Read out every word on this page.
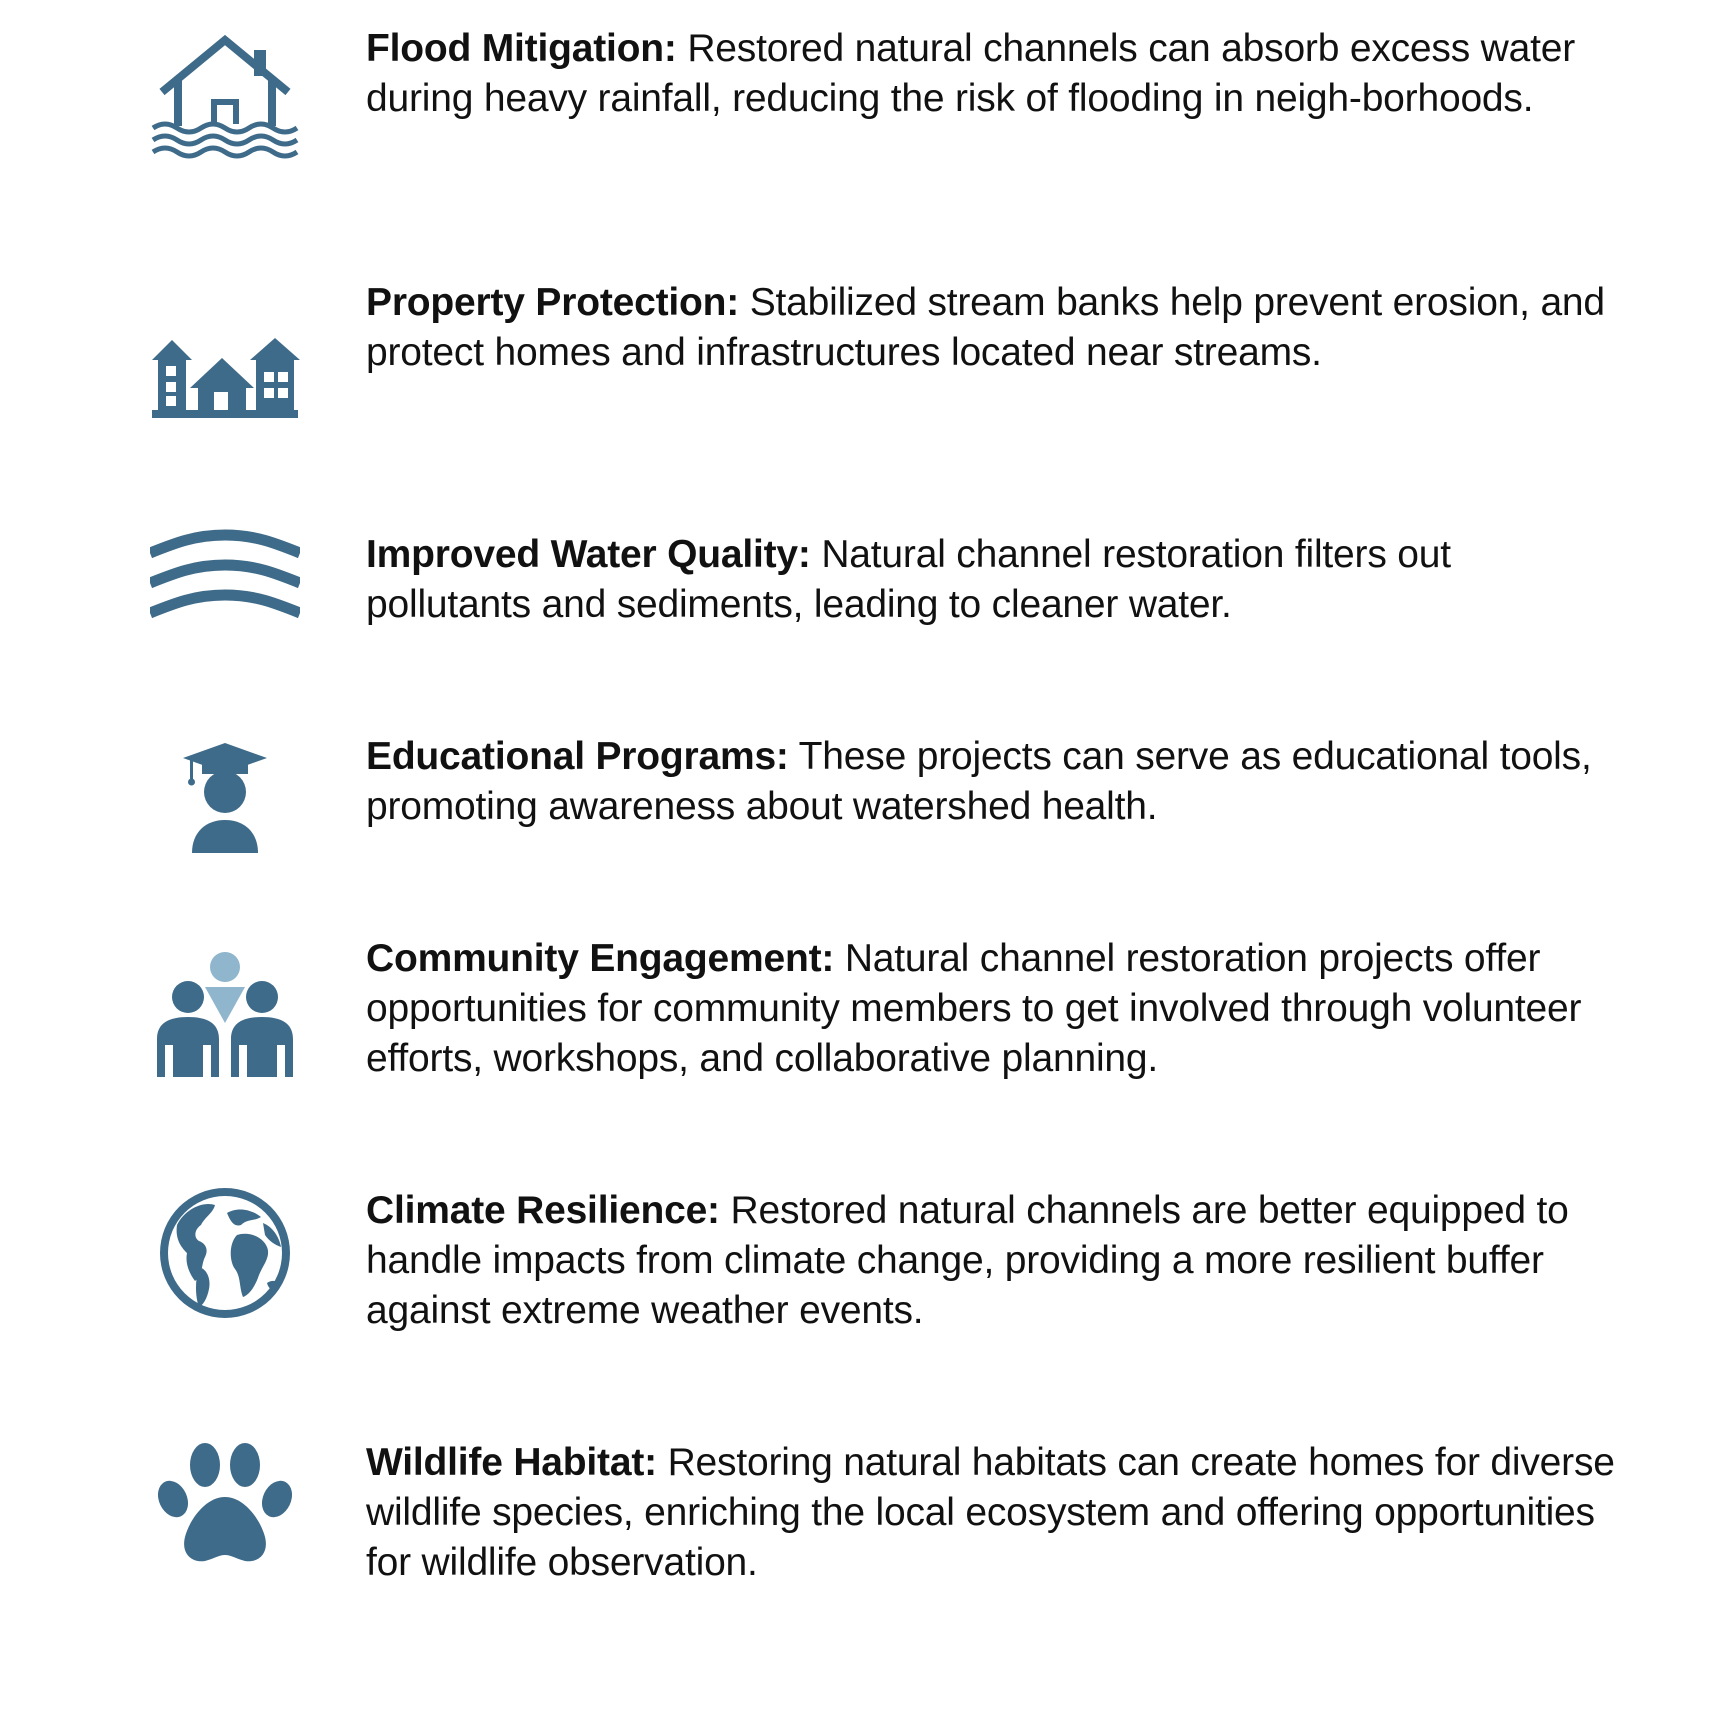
Flood Mitigation: Restored natural channels can absorb excess water during heavy rainfall, reducing the risk of flooding in neigh-borhoods.

Property Protection: Stabilized stream banks help prevent erosion, and protect homes and infrastructures located near streams.

Improved Water Quality: Natural channel restoration filters out pollutants and sediments, leading to cleaner water.

Educational Programs: These projects can serve as educational tools, promoting awareness about watershed health.

Community Engagement: Natural channel restoration projects offer opportunities for community members to get involved through volunteer efforts, workshops, and collaborative planning.

Climate Resilience: Restored natural channels are better equipped to handle impacts from climate change, providing a more resilient buffer against extreme weather events.

Wildlife Habitat: Restoring natural habitats can create homes for diverse wildlife species, enriching the local ecosystem and offering opportunities for wildlife observation.
